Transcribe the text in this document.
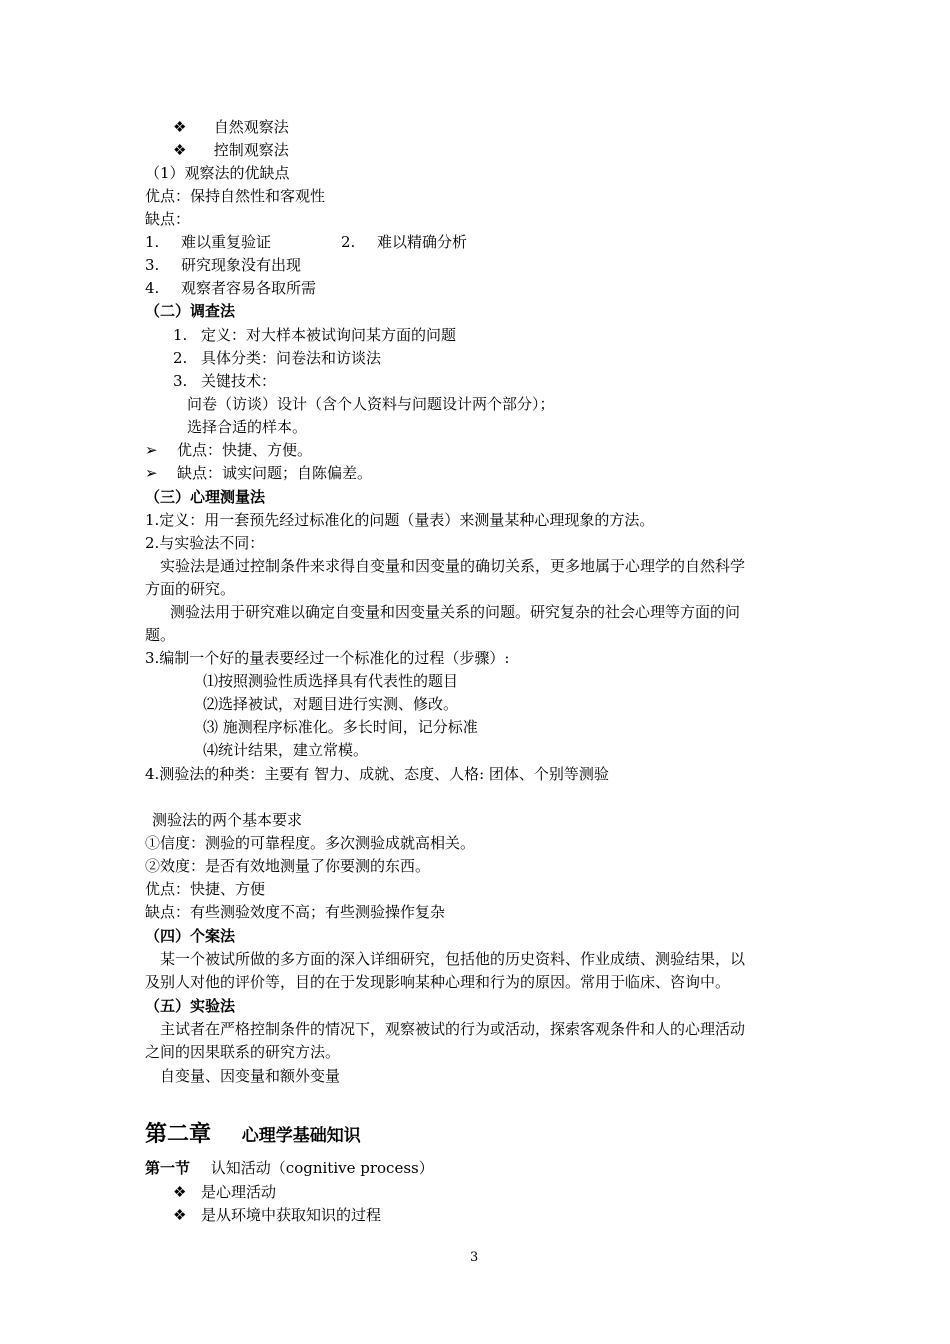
❖ 自然观察法
❖ 控制观察法
（1）观察法的优缺点
优点：保持自然性和客观性
缺点：
1. 难以重复验证	2. 难以精确分析
3. 研究现象没有出现
4. 观察者容易各取所需
（二）调查法
1. 定义：对大样本被试询问某方面的问题
2. 具体分类：问卷法和访谈法
3. 关键技术：
问卷（访谈）设计（含个人资料与问题设计两个部分）；
选择合适的样本。
➢ 优点：快捷、方便。
➢ 缺点：诚实问题；自陈偏差。
（三）心理测量法
1.定义：用一套预先经过标准化的问题（量表）来测量某种心理现象的方法。
2.与实验法不同：
实验法是通过控制条件来求得自变量和因变量的确切关系，更多地属于心理学的自然科学
方面的研究。
测验法用于研究难以确定自变量和因变量关系的问题。研究复杂的社会心理等方面的问
题。
3.编制一个好的量表要经过一个标准化的过程（步骤）:
⑴按照测验性质选择具有代表性的题目
⑵选择被试，对题目进行实测、修改。
⑶ 施测程序标准化。多长时间，记分标准
⑷统计结果，建立常模。
4.测验法的种类：主要有 智力、成就、态度、人格: 团体、个别等测验
测验法的两个基本要求
①信度：测验的可靠程度。多次测验成就高相关。
②效度：是否有效地测量了你要测的东西。
优点：快捷、方便
缺点：有些测验效度不高；有些测验操作复杂
（四）个案法
某一个被试所做的多方面的深入详细研究，包括他的历史资料、作业成绩、测验结果，以
及别人对他的评价等，目的在于发现影响某种心理和行为的原因。常用于临床、咨询中。
（五）实验法
主试者在严格控制条件的情况下，观察被试的行为或活动，探索客观条件和人的心理活动
之间的因果联系的研究方法。
自变量、因变量和额外变量
第二章 心理学基础知识
第一节 认知活动（cognitive process）
❖ 是心理活动
❖ 是从环境中获取知识的过程
3
